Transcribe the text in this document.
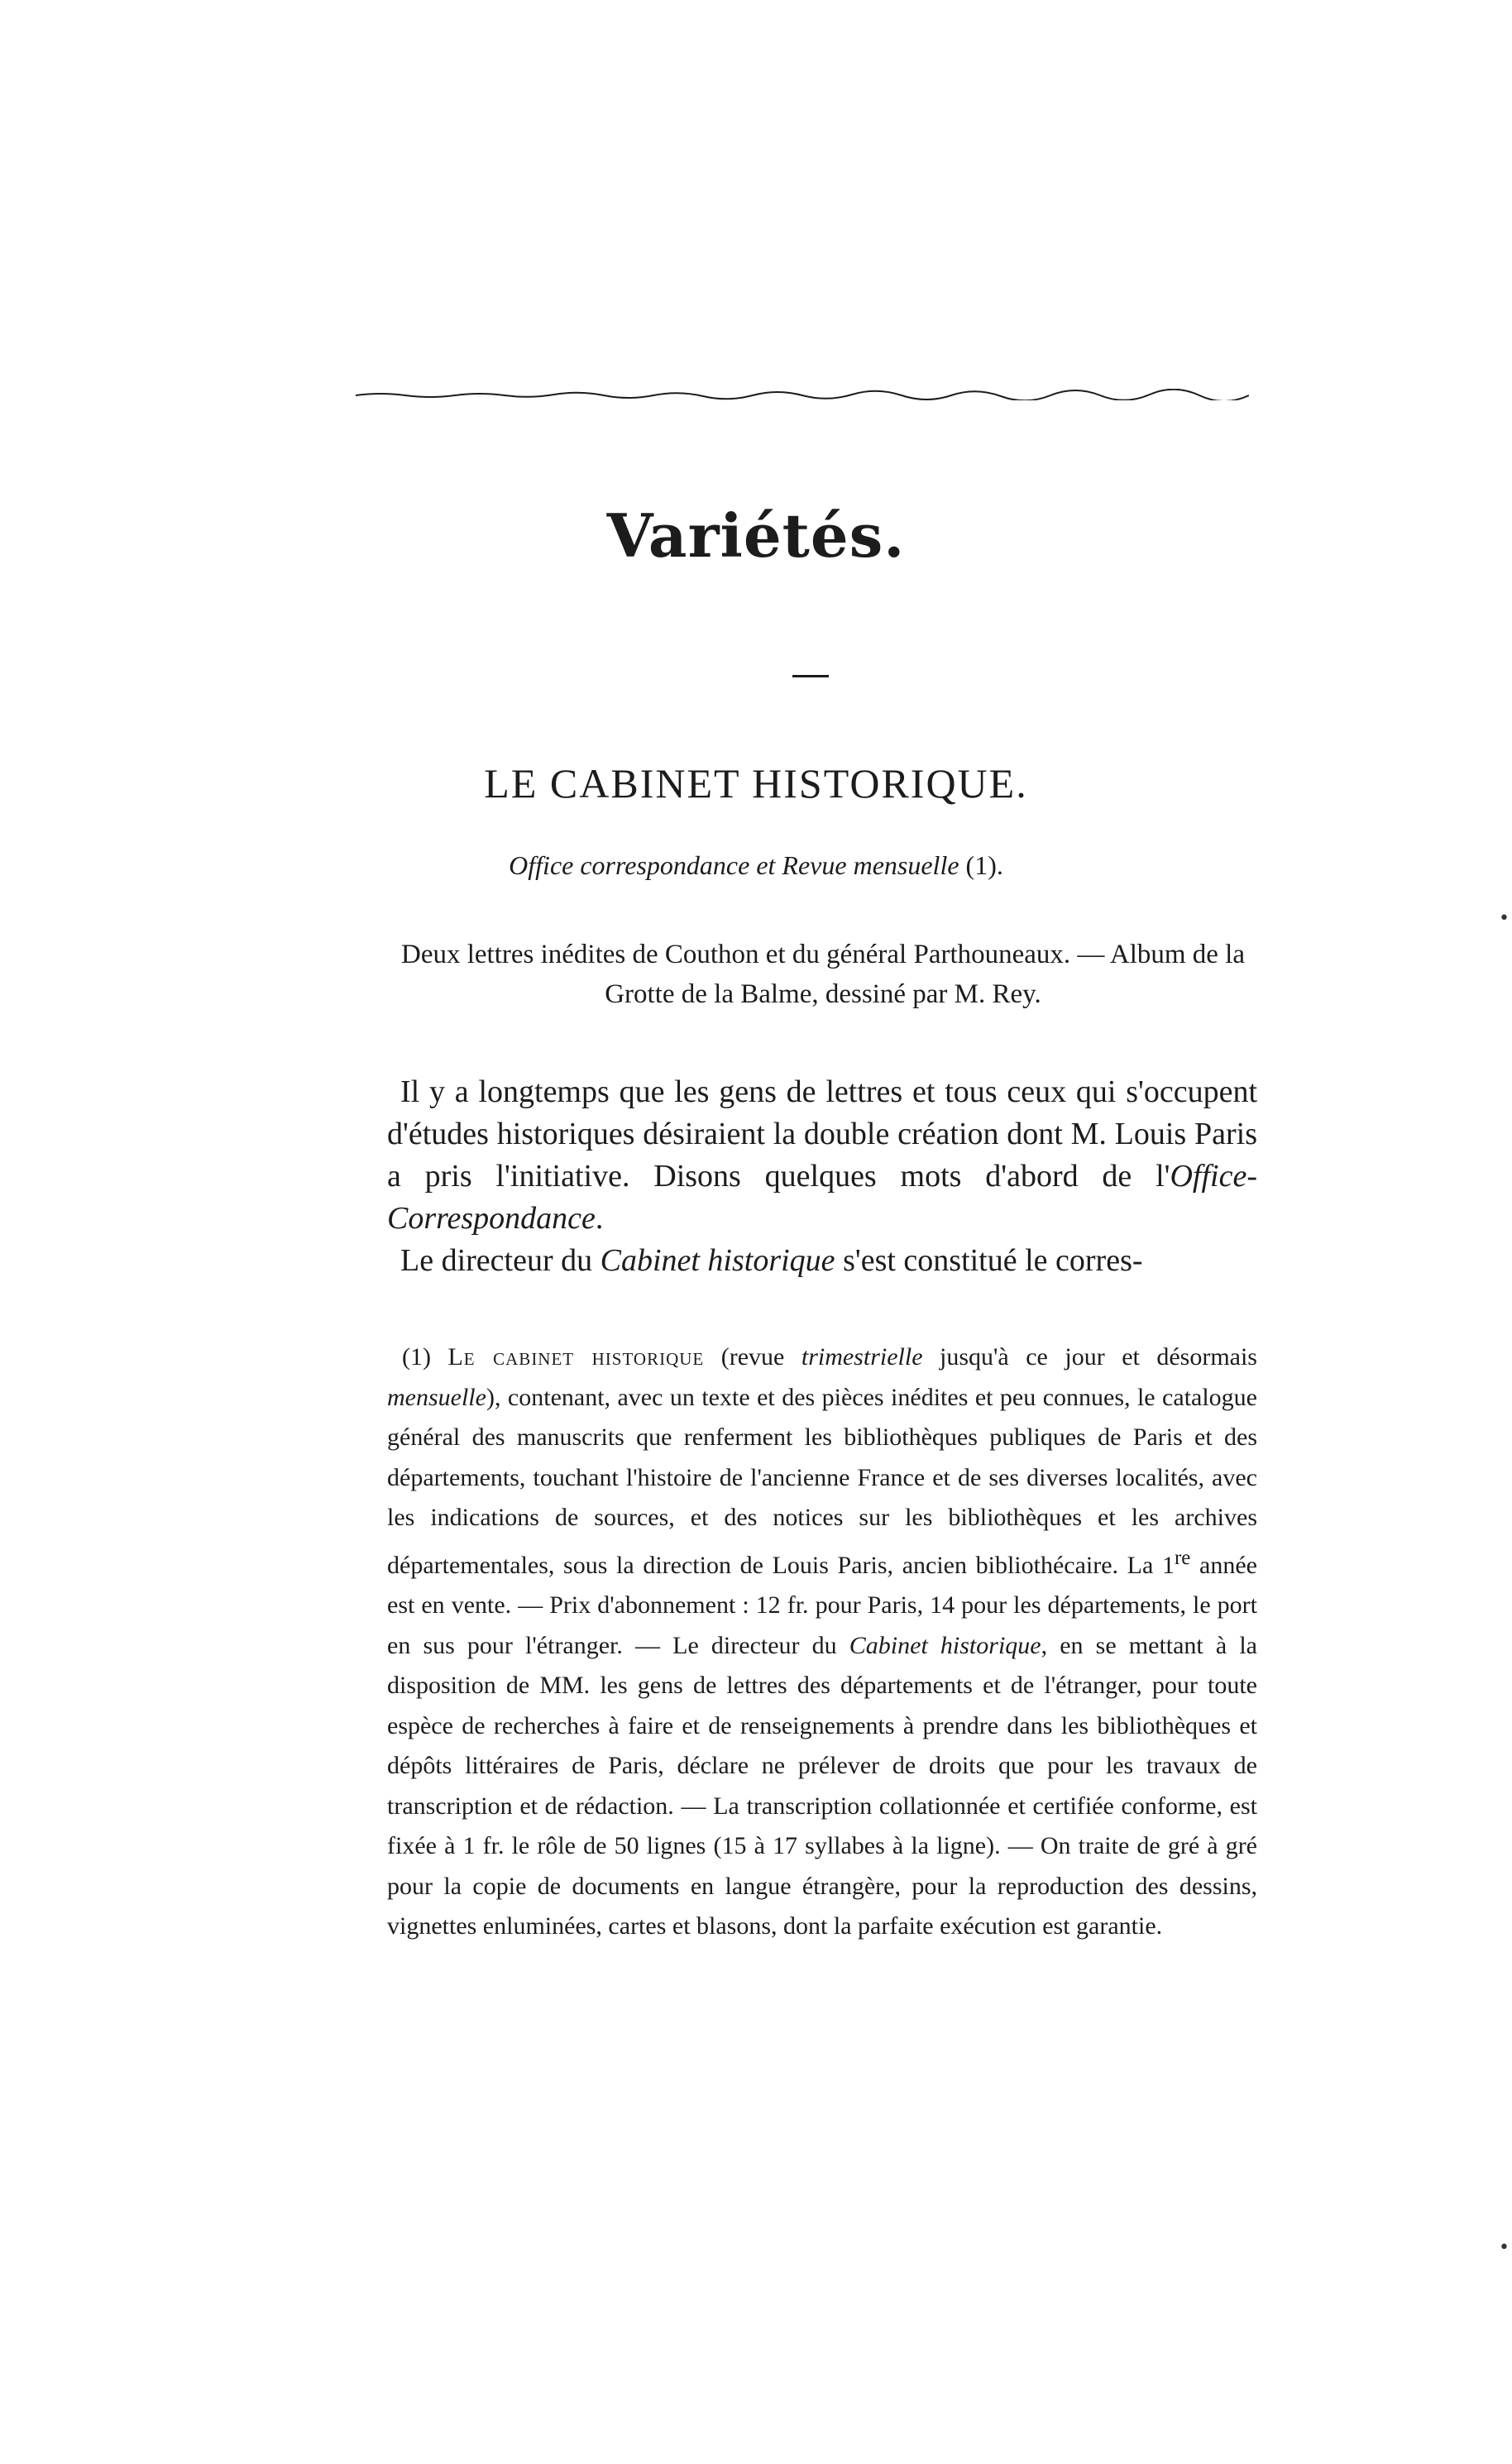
Variétés.
LE CABINET HISTORIQUE.
Office correspondance et Revue mensuelle (1).
Deux lettres inédites de Couthon et du général Parthouneaux. — Album de la Grotte de la Balme, dessiné par M. Rey.

Il y a longtemps que les gens de lettres et tous ceux qui s'occupent d'études historiques désiraient la double création dont M. Louis Paris a pris l'initiative. Disons quelques mots d'abord de l'Office-Correspondance.

Le directeur du Cabinet historique s'est constitué le corres-

(1) Le cabinet historique (revue trimestrielle jusqu'à ce jour et désormais mensuelle), contenant, avec un texte et des pièces inédites et peu connues, le catalogue général des manuscrits que renferment les bibliothèques publiques de Paris et des départements, touchant l'histoire de l'ancienne France et de ses diverses localités, avec les indications de sources, et des notices sur les bibliothèques et les archives départementales, sous la direction de Louis Paris, ancien bibliothécaire. La 1re année est en vente. — Prix d'abonnement : 12 fr. pour Paris, 14 pour les départements, le port en sus pour l'étranger. — Le directeur du Cabinet historique, en se mettant à la disposition de MM. les gens de lettres des départements et de l'étranger, pour toute espèce de recherches à faire et de renseignements à prendre dans les bibliothèques et dépôts littéraires de Paris, déclare ne prélever de droits que pour les travaux de transcription et de rédaction. — La transcription collationnée et certifiée conforme, est fixée à 1 fr. le rôle de 50 lignes (15 à 17 syllabes à la ligne). — On traite de gré à gré pour la copie de documents en langue étrangère, pour la reproduction des dessins, vignettes enluminées, cartes et blasons, dont la parfaite exécution est garantie.

•
•
